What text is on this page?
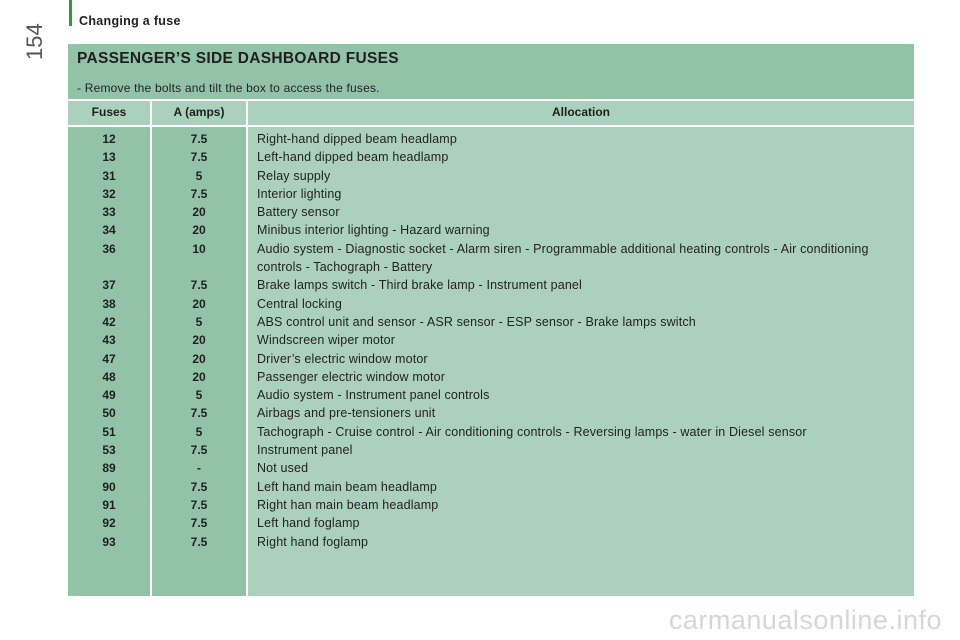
Changing a fuse
154 PASSENGER’S SIDE DASHBOARD FUSES
- Remove the bolts and tilt the box to access the fuses.
Fuses	A (amps)	Allocation
12	7.5	Right-hand dipped beam headlamp
13	7.5	Left-hand dipped beam headlamp
31	5	Relay supply
32	7.5	Interior lighting
33	20	Battery sensor
34	20	Minibus interior lighting - Hazard warning
36	10	Audio system - Diagnostic socket - Alarm siren - Programmable additional heating controls - Air conditioning controls - Tachograph - Battery
37	7.5	Brake lamps switch - Third brake lamp - Instrument panel
38	20	Central locking
42	5	ABS control unit and sensor - ASR sensor - ESP sensor - Brake lamps switch
43	20	Windscreen wiper motor
47	20	Driver’s electric window motor
48	20	Passenger electric window motor
49	5	Audio system - Instrument panel controls
50	7.5	Airbags and pre-tensioners unit
51	5	Tachograph - Cruise control - Air conditioning controls - Reversing lamps - water in Diesel sensor
53	7.5	Instrument panel
89	-	Not used
90	7.5	Left hand main beam headlamp
91	7.5	Right han main beam headlamp
92	7.5	Left hand foglamp
93	7.5	Right hand foglamp
carmanualsonline.info
